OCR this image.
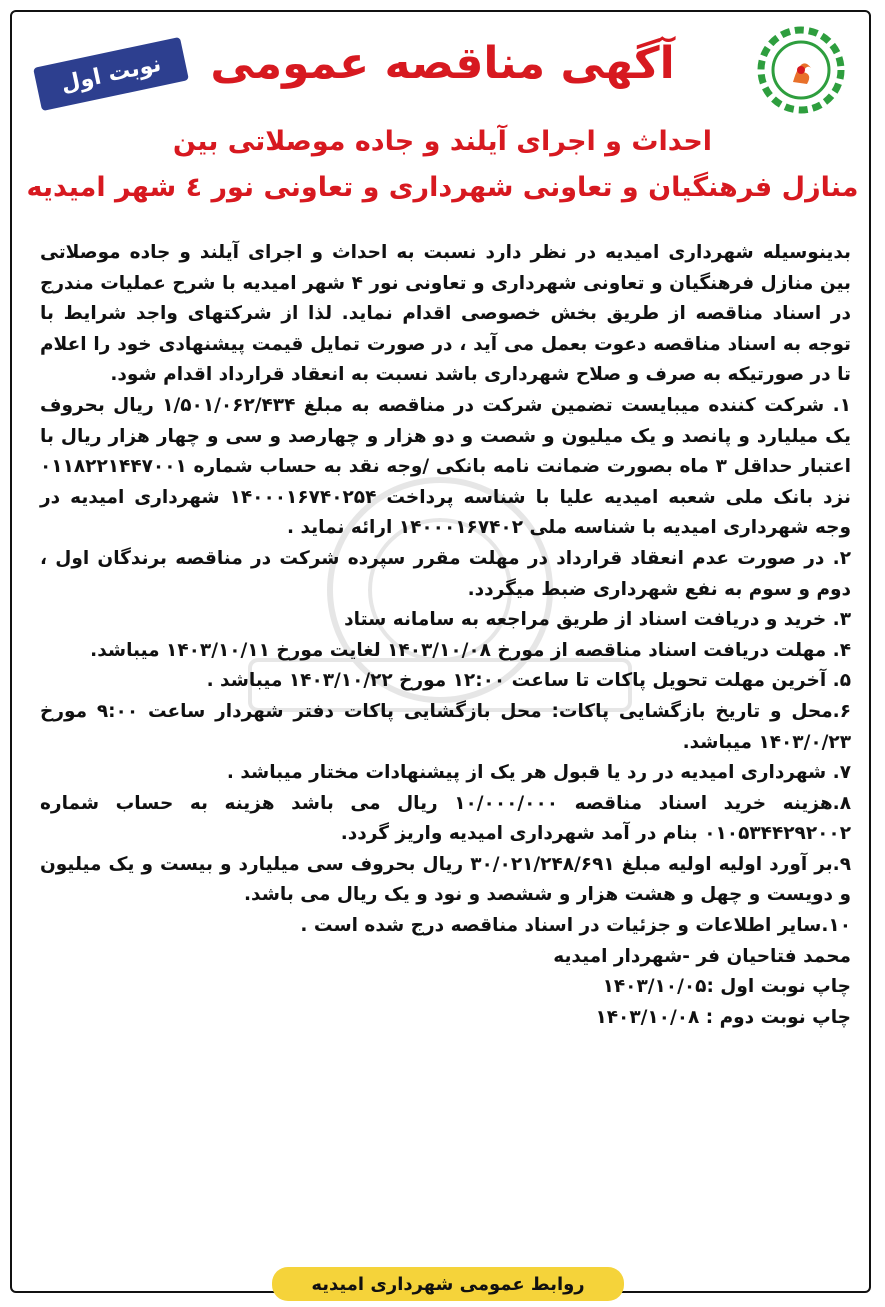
نوبت اول	آگهی مناقصه عمومی
احداث و اجرای آیلند و جاده موصلاتی بین
منازل فرهنگیان و تعاونی شهرداری و تعاونی نور ٤ شهر امیدیه

بدینوسیله شهرداری امیدیه در نظر دارد نسبت به احداث و اجرای آیلند و جاده موصلاتی بین منازل فرهنگیان و تعاونی شهرداری و تعاونی نور ۴ شهر امیدیه با شرح عملیات مندرج در اسناد مناقصه از طریق بخش خصوصی اقدام نماید. لذا از شرکتهای واجد شرایط با توجه به اسناد مناقصه دعوت بعمل می آید ، در صورت تمایل قیمت پیشنهادی خود را اعلام تا در صورتیکه به صرف و صلاح شهرداری باشد نسبت به انعقاد قرارداد اقدام شود.

۱. شرکت کننده میبایست تضمین شرکت در مناقصه به مبلغ ۱/۵۰۱/۰۶۲/۴۳۴ ریال بحروف یک میلیارد و پانصد و یک میلیون و شصت و دو هزار و چهارصد و سی و چهار هزار ریال با اعتبار حداقل ۳ ماه بصورت ضمانت نامه بانکی /وجه نقد به حساب شماره ۰۱۱۸۲۲۱۴۴۷۰۰۱ نزد بانک ملی شعبه امیدیه علیا با شناسه پرداخت ۱۴۰۰۰۱۶۷۴۰۲۵۴ شهرداری امیدیه در وجه شهرداری امیدیه با شناسه ملی ۱۴۰۰۰۱۶۷۴۰۲ ارائه نماید .

۲. در صورت عدم انعقاد قرارداد در مهلت مقرر سپرده شرکت در مناقصه برندگان اول ، دوم و سوم به نفع شهرداری ضبط میگردد.

۳. خرید و دریافت اسناد از طریق مراجعه به سامانه ستاد

۴. مهلت دریافت اسناد مناقصه از مورخ ۱۴۰۳/۱۰/۰۸ لغایت مورخ ۱۴۰۳/۱۰/۱۱ میباشد.

۵. آخرین مهلت تحویل پاکات تا ساعت ۱۲:۰۰ مورخ ۱۴۰۳/۱۰/۲۲ میباشد .

۶.محل و تاریخ بازگشایی پاکات: محل بازگشایی پاکات دفتر شهردار ساعت ۹:۰۰ مورخ ۱۴۰۳/۰/۲۳ میباشد.

۷. شهرداری امیدیه در رد یا قبول هر یک از پیشنهادات مختار میباشد .

۸.هزینه خرید اسناد مناقصه ۱۰/۰۰۰/۰۰۰ ریال می باشد هزینه به حساب شماره ۰۱۰۵۳۴۴۲۹۲۰۰۲ بنام در آمد شهرداری امیدیه واریز گردد.

۹.بر آورد اولیه اولیه مبلغ ۳۰/۰۲۱/۲۴۸/۶۹۱ ریال بحروف سی میلیارد و بیست و یک میلیون و دویست و چهل و هشت هزار و ششصد و نود و یک ریال می باشد.

۱۰.سایر اطلاعات و جزئیات در اسناد مناقصه درج شده است .

محمد فتاحیان فر -شهردار امیدیه

چاپ نوبت اول :۱۴۰۳/۱۰/۰۵

چاپ نوبت دوم : ۱۴۰۳/۱۰/۰۸

روابط عمومی شهرداری امیدیه
